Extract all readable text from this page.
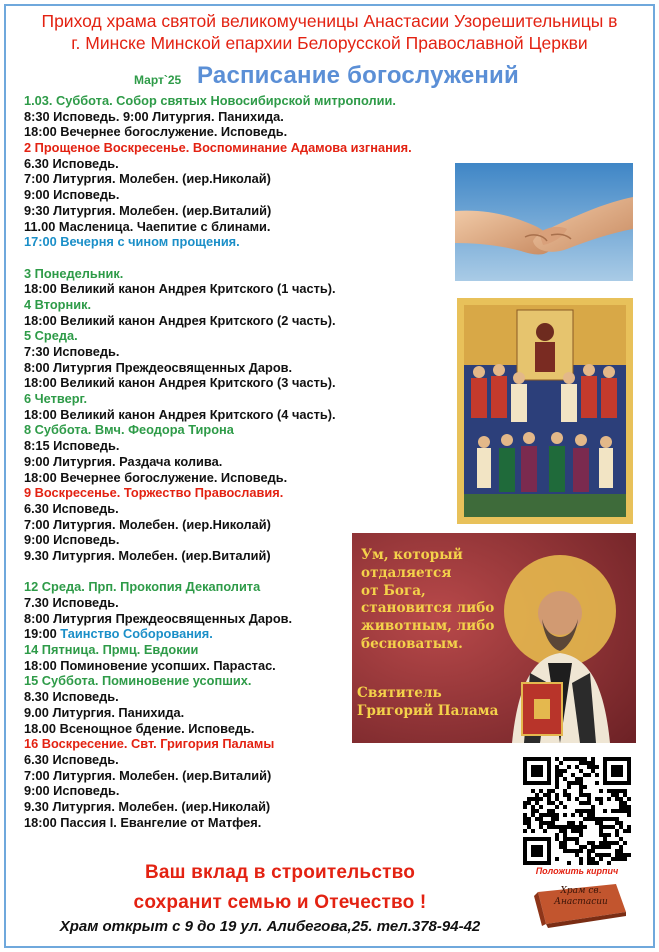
Приход храма святой великомученицы Анастасии Узорешительницы в
г. Минске Минской епархии Белорусской Православной Церкви
Март`25 Расписание богослужений
1.03. Суббота. Собор святых Новосибирской митрополии.
8:30 Исповедь. 9:00 Литургия. Панихида.
18:00 Вечернее богослужение. Исповедь.
2 Прощеное Воскресенье. Воспоминание Адамова изгнания.
6.30 Исповедь.
7:00 Литургия. Молебен. (иер.Николай)
9:00 Исповедь.
9:30 Литургия. Молебен. (иер.Виталий)
11.00 Масленица. Чаепитие с блинами.
17:00 Вечерня с чином прощения.
3 Понедельник.
18:00 Великий канон Андрея Критского (1 часть).
4 Вторник.
18:00 Великий канон Андрея Критского (2 часть).
5 Среда.
7:30 Исповедь.
8:00 Литургия Преждеосвященных Даров.
18:00 Великий канон Андрея Критского (3 часть).
6 Четверг.
18:00 Великий канон Андрея Критского (4 часть).
8 Суббота. Вмч. Феодора Тирона
8:15 Исповедь.
9:00 Литургия. Раздача колива.
18:00 Вечернее богослужение. Исповедь.
9 Воскресенье. Торжество Православия.
6.30 Исповедь.
7:00 Литургия. Молебен. (иер.Николай)
9:00 Исповедь.
9.30 Литургия. Молебен. (иер.Виталий)
12 Среда. Прп. Прокопия Декаполита
7.30 Исповедь.
8:00 Литургия Преждеосвященных Даров.
19:00 Таинство Соборования.
14 Пятница. Прмц. Евдокии
18:00 Поминовение усопших. Парастас.
15 Суббота. Поминовение усопших.
8.30 Исповедь.
9.00 Литургия. Панихида.
18.00 Всенощное бдение. Исповедь.
16 Воскресение. Свт. Григория Паламы
6.30 Исповедь.
7:00 Литургия. Молебен. (иер.Виталий)
9:00 Исповедь.
9.30 Литургия. Молебен. (иер.Николай)
18:00 Пассия I. Евангелие от Матфея.
Ум, который
отдаляется
от Бога,
становится либо
животным, либо
бесноватым.
Святитель
Григорий Палама
Положить кирпич
Храм св.
Анастасии
Ваш вклад в строительство
сохранит семью и Отечество !
Храм открыт с 9 до 19 ул. Алибегова,25. тел.378-94-42
